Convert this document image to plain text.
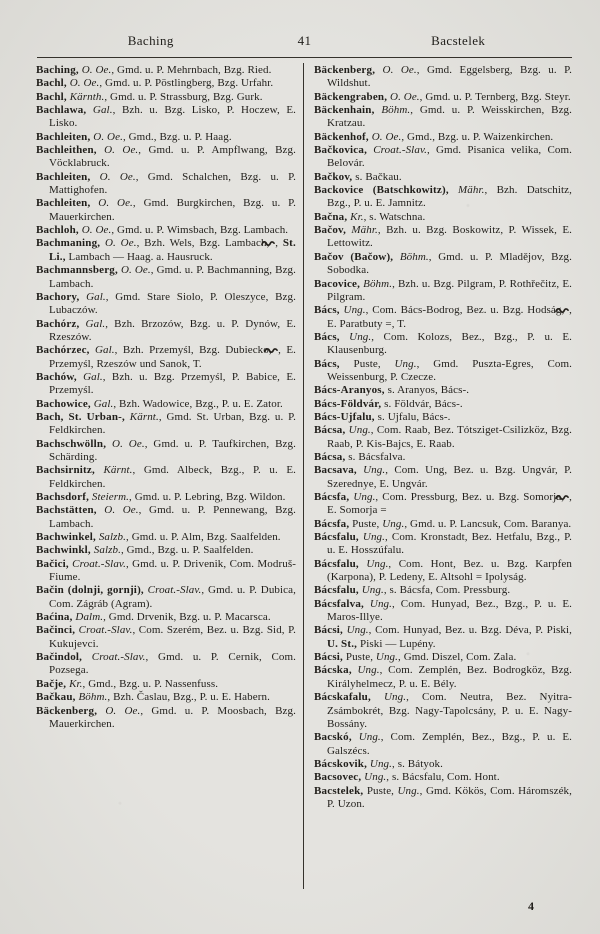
Baching	41	Bacstelek

Baching, O. Oe., Gmd. u. P. Mehrnbach, Bzg. Ried.

Bachl, O. Oe., Gmd. u. P. Pöstlingberg, Bzg. Urfahr.

Bachl, Kärnth., Gmd. u. P. Strassburg, Bzg. Gurk.

Bachlawa, Gal., Bzh. u. Bzg. Lisko, P. Hoczew, E. Lisko.

Bachleiten, O. Oe., Gmd., Bzg. u. P. Haag.

Bachleithen, O. Oe., Gmd. u. P. Ampflwang, Bzg. Vöcklabruck.

Bachleiten, O. Oe., Gmd. Schalchen, Bzg. u. P. Mattighofen.

Bachleiten, O. Oe., Gmd. Burgkirchen, Bzg. u. P. Mauerkirchen.

Bachloh, O. Oe., Gmd. u. P. Wimsbach, Bzg. Lambach.

Bachmaning, O. Oe., Bzh. Wels, Bzg. Lambach, , St. Li., Lambach — Haag. a. Hausruck.

Bachmannsberg, O. Oe., Gmd. u. P. Bachmanning, Bzg. Lambach.

Bachory, Gal., Gmd. Stare Siolo, P. Oleszyce, Bzg. Lubaczów.

Bachórz, Gal., Bzh. Brzozów, Bzg. u. P. Dynów, E. Rzeszów.

Bachórzec, Gal., Bzh. Przemyśl, Bzg. Dubiecko, , E. Przemyśl, Rzeszów und Sanok, T.

Bachów, Gal., Bzh. u. Bzg. Przemyśl, P. Babice, E. Przemyśl.

Bachowice, Gal., Bzh. Wadowice, Bzg., P. u. E. Zator.

Bach, St. Urban-, Kärnt., Gmd. St. Urban, Bzg. u. P. Feldkirchen.

Bachschwölln, O. Oe., Gmd. u. P. Taufkirchen, Bzg. Schärding.

Bachsirnitz, Kärnt., Gmd. Albeck, Bzg., P. u. E. Feldkirchen.

Bachsdorf, Steierm., Gmd. u. P. Lebring, Bzg. Wildon.

Bachstätten, O. Oe., Gmd. u. P. Pennewang, Bzg. Lambach.

Bachwinkel, Salzb., Gmd. u. P. Alm, Bzg. Saalfelden.

Bachwinkl, Salzb., Gmd., Bzg. u. P. Saalfelden.

Bačici, Croat.-Slav., Gmd. u. P. Drivenik, Com. Modruš-Fiume.

Bačin (dolnji, gornji), Croat.-Slav., Gmd. u. P. Dubica, Com. Zágráb (Agram).

Baćina, Dalm., Gmd. Drvenik, Bzg. u. P. Macarsca.

Bačinci, Croat.-Slav., Com. Szerém, Bez. u. Bzg. Sid, P. Kukujevci.

Bačindol, Croat.-Slav., Gmd. u. P. Cernik, Com. Pozsega.

Bačje, Kr., Gmd., Bzg. u. P. Nassenfuss.

Bačkau, Böhm., Bzh. Časlau, Bzg., P. u. E. Habern.

Bäckenberg, O. Oe., Gmd. u. P. Moosbach, Bzg. Mauerkirchen.

Bäckenberg, O. Oe., Gmd. Eggelsberg, Bzg. u. P. Wildshut.

Bäckengraben, O. Oe., Gmd. u. P. Ternberg, Bzg. Steyr.

Bäckenhain, Böhm., Gmd. u. P. Weisskirchen, Bzg. Kratzau.

Bäckenhof, O. Oe., Gmd., Bzg. u. P. Waizenkirchen.

Bačkovica, Croat.-Slav., Gmd. Pisanica velika, Com. Belovár.

Bačkov, s. Bačkau.

Backovice (Batschkowitz), Mähr., Bzh. Datschitz, Bzg., P. u. E. Jamnitz.

Bačna, Kr., s. Watschna.

Bačov, Mähr., Bzh. u. Bzg. Boskowitz, P. Wissek, E. Lettowitz.

Bačov (Bačow), Böhm., Gmd. u. P. Mladějov, Bzg. Sobodka.

Bacovice, Böhm., Bzh. u. Bzg. Pilgram, P. Rothřečitz, E. Pilgram.

Bács, Ung., Com. Bács-Bodrog, Bez. u. Bzg. Hodság, , E. Paratbuty =, T.

Bács, Ung., Com. Kolozs, Bez., Bzg., P. u. E. Klausenburg.

Bács, Puste, Ung., Gmd. Puszta-Egres, Com. Weissenburg, P. Czecze.

Bács-Aranyos, s. Aranyos, Bács-.

Bács-Földvár, s. Földvár, Bács-.

Bács-Ujfalu, s. Ujfalu, Bács-.

Bácsa, Ung., Com. Raab, Bez. Tótsziget-Csilizköz, Bzg. Raab, P. Kis-Bajcs, E. Raab.

Bácsa, s. Bácsfalva.

Bacsava, Ung., Com. Ung, Bez. u. Bzg. Ungvár, P. Szerednye, E. Ungvár.

Bácsfa, Ung., Com. Pressburg, Bez. u. Bzg. Somorja, , E. Somorja =

Bácsfa, Puste, Ung., Gmd. u. P. Lancsuk, Com. Baranya.

Bácsfalu, Ung., Com. Kronstadt, Bez. Hetfalu, Bzg., P. u. E. Hosszúfalu.

Bácsfalu, Ung., Com. Hont, Bez. u. Bzg. Karpfen (Karpona), P. Ledeny, E. Altsohl = Ipolyság.

Bácsfalu, Ung., s. Bácsfa, Com. Pressburg.

Bácsfalva, Ung., Com. Hunyad, Bez., Bzg., P. u. E. Maros-Illye.

Bácsi, Ung., Com. Hunyad, Bez. u. Bzg. Déva, P. Piski, U. St., Piski — Lupény.

Bácsi, Puste, Ung., Gmd. Diszel, Com. Zala.

Bácska, Ung., Com. Zemplén, Bez. Bodrogköz, Bzg. Királyhelmecz, P. u. E. Bély.

Bácskafalu, Ung., Com. Neutra, Bez. Nyitra-Zsámbokrét, Bzg. Nagy-Tapolcsány, P. u. E. Nagy-Bossány.

Bacskó, Ung., Com. Zemplén, Bez., Bzg., P. u. E. Galszécs.

Bácskovik, Ung., s. Bátyok.

Bacsovec, Ung., s. Bácsfalu, Com. Hont.

Bacstelek, Puste, Ung., Gmd. Kökös, Com. Háromszék, P. Uzon.

4
